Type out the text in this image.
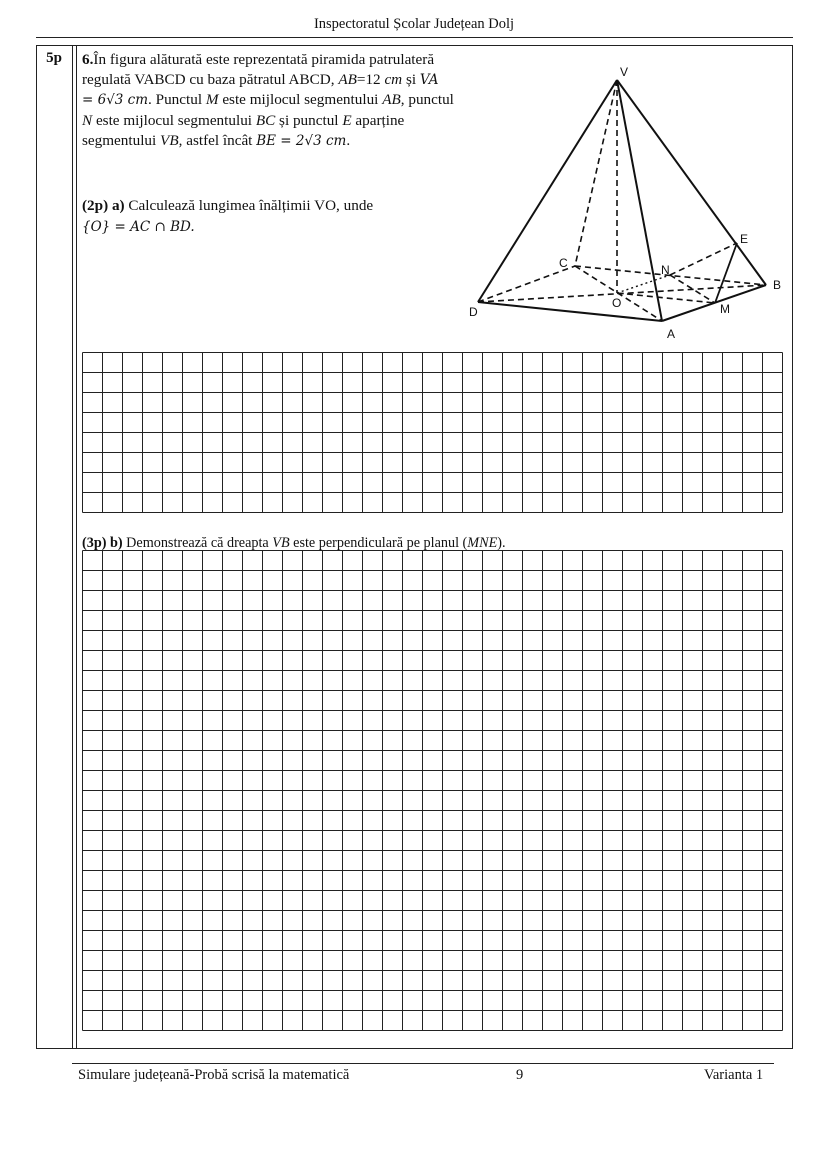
Inspectoratul Școlar Județean Dolj
5p	6.În figura alăturată este reprezentată piramida patrulateră regulată VABCD cu baza pătratul ABCD, AB=12 cm și VA = 6√3 cm. Punctul M este mijlocul segmentului AB, punctul N este mijlocul segmentului BC și punctul E aparține segmentului VB, astfel încât BE = 2√3 cm.
(2p) a) Calculează lungimea înălțimii VO, unde
{O} = AC ∩ BD.
V
A
B
C
D
O	M
N
E
(3p) b) Demonstrează că dreapta VB este perpendiculară pe planul (MNE).
Simulare județeană-Probă scrisă la matematică	9	Varianta 1
